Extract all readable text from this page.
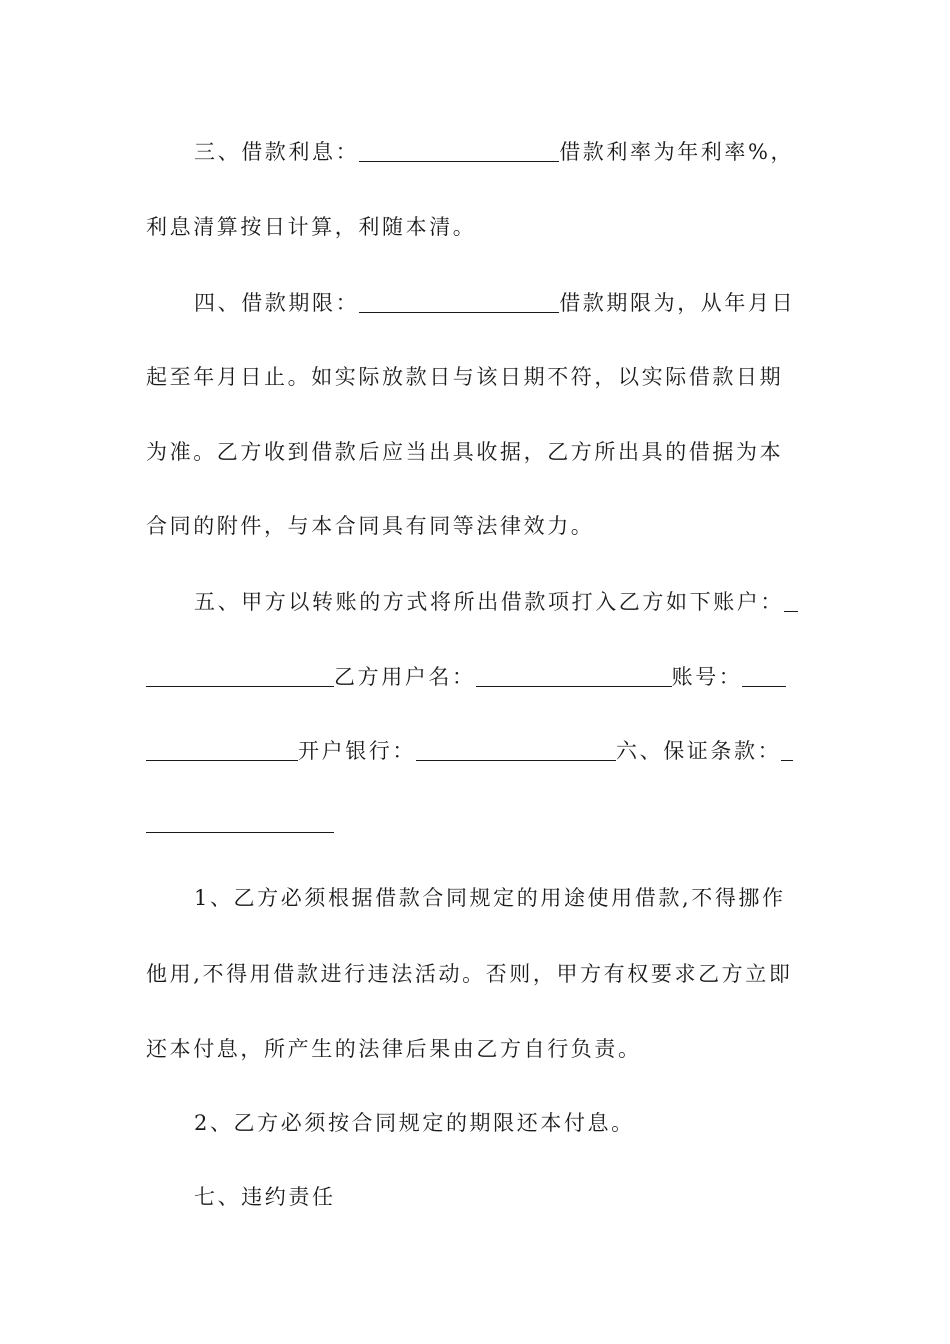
三、借款利息：	借款利率为年利率%，
利息清算按日计算，利随本清。
四、借款期限：	借款期限为，从年月日
起至年月日止。如实际放款日与该日期不符，以实际借款日期
为准。乙方收到借款后应当出具收据，乙方所出具的借据为本
合同的附件，与本合同具有同等法律效力。
五、甲方以转账的方式将所出借款项打入乙方如下账户：
乙方用户名：	账号：
开户银行：	六、保证条款：
1、乙方必须根据借款合同规定的用途使用借款,不得挪作
他用,不得用借款进行违法活动。否则，甲方有权要求乙方立即
还本付息，所产生的法律后果由乙方自行负责。
2、乙方必须按合同规定的期限还本付息。
七、违约责任
